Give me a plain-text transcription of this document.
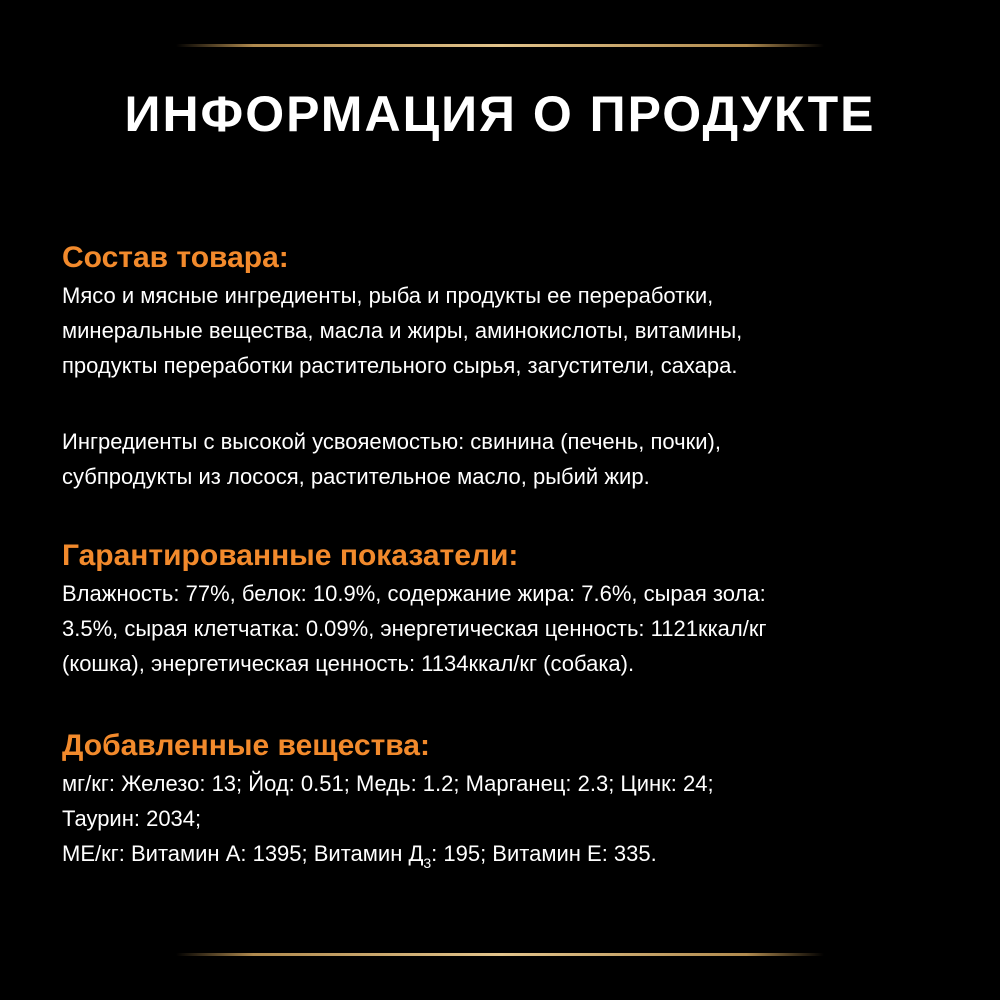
ИНФОРМАЦИЯ О ПРОДУКТЕ
Состав товара:

Мясо и мясные ингредиенты, рыба и продукты ее переработки,
минеральные вещества, масла и жиры, аминокислоты, витамины,
продукты переработки растительного сырья, загустители, сахара.

Ингредиенты с высокой усвояемостью: свинина (печень, почки),
субпродукты из лосося, растительное масло, рыбий жир.

Гарантированные показатели:

Влажность: 77%, белок: 10.9%, содержание жира: 7.6%, сырая зола:
3.5%, сырая клетчатка: 0.09%, энергетическая ценность: 1121ккал/кг
(кошка), энергетическая ценность: 1134ккал/кг (собака).

Добавленные вещества:

мг/кг: Железо: 13; Йод: 0.51; Медь: 1.2; Марганец: 2.3; Цинк: 24;
Таурин: 2034;
МЕ/кг: Витамин А: 1395; Витамин $Д_3$: 195; Витамин Е: 335.
